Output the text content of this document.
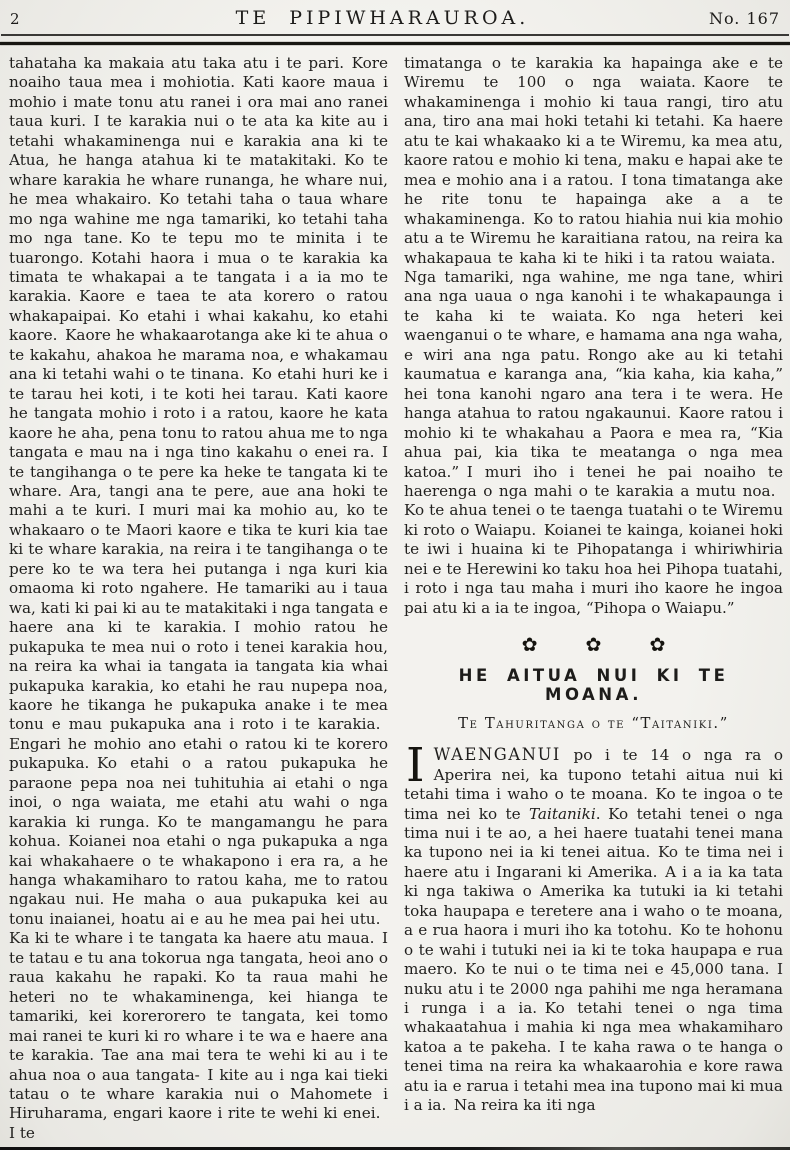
2	TE PIPIWHARAUROA.	No. 167

tahataha ka makaia atu taka atu i te pari. Kore noaiho taua mea i mohiotia. Kati kaore maua i mohio i mate tonu atu ranei i ora mai ano ranei taua kuri. I te karakia nui o te ata ka kite au i tetahi whakaminenga nui e karakia ana ki te Atua, he hanga atahua ki te matakitaki. Ko te whare karakia he whare runanga, he whare nui, he mea whakairo. Ko tetahi taha o taua whare mo nga wahine me nga tamariki, ko tetahi taha mo nga tane. Ko te tepu mo te minita i te tuarongo. Kotahi haora i mua o te karakia ka timata te whakapai a te tangata i a ia mo te karakia. Kaore e taea te ata korero o ratou whakapaipai. Ko etahi i whai kakahu, ko etahi kaore. Kaore he whakaarotanga ake ki te ahua o te kakahu, ahakoa he marama noa, e whakamau ana ki tetahi wahi o te tinana. Ko etahi huri ke i te tarau hei koti, i te koti hei tarau. Kati kaore he tangata mohio i roto i a ratou, kaore he kata kaore he aha, pena tonu to ratou ahua me to nga tangata e mau na i nga tino kakahu o enei ra. I te tangihanga o te pere ka heke te tangata ki te whare. Ara, tangi ana te pere, aue ana hoki te mahi a te kuri. I muri mai ka mohio au, ko te whakaaro o te Maori kaore e tika te kuri kia tae ki te whare karakia, na reira i te tangihanga o te pere ko te wa tera hei putanga i nga kuri kia omaoma ki roto ngahere. He tamariki au i taua wa, kati ki pai ki au te matakitaki i nga tangata e haere ana ki te karakia. I mohio ratou he pukapuka te mea nui o roto i tenei karakia hou, na reira ka whai ia tangata ia tangata kia whai pukapuka karakia, ko etahi he rau nupepa noa, kaore he tikanga he pukapuka anake i te mea tonu e mau pukapuka ana i roto i te karakia. Engari he mohio ano etahi o ratou ki te korero pukapuka. Ko etahi o a ratou pukapuka he paraone pepa noa nei tuhituhia ai etahi o nga inoi, o nga waiata, me etahi atu wahi o nga karakia ki runga. Ko te mangamangu he para kohua. Koianei noa etahi o nga pukapuka a nga kai whakahaere o te whakapono i era ra, a he hanga whakamiharo to ratou kaha, me to ratou ngakau nui. He maha o aua pukapuka kei au tonu inaianei, hoatu ai e au he mea pai hei utu. Ka ki te whare i te tangata ka haere atu maua. I te tatau e tu ana tokorua nga tangata, heoi ano o raua kakahu he rapaki. Ko ta raua mahi he heteri no te whakaminenga, kei hianga te tamariki, kei korerorero te tangata, kei tomo mai ranei te kuri ki ro whare i te wa e haere ana te karakia. Tae ana mai tera te wehi ki au i te ahua noa o aua tangata- I kite au i nga kai tieki tatau o te whare karakia nui o Mahomete i Hiruharama, engari kaore i rite te wehi ki enei. I te

timatanga o te karakia ka hapainga ake e te Wiremu te 100 o nga waiata. Kaore te whakaminenga i mohio ki taua rangi, tiro atu ana, tiro ana mai hoki tetahi ki tetahi. Ka haere atu te kai whakaako ki a te Wiremu, ka mea atu, kaore ratou e mohio ki tena, maku e hapai ake te mea e mohio ana i a ratou. I tona timatanga ake he rite tonu te hapainga ake a a te whakaminenga. Ko to ratou hiahia nui kia mohio atu a te Wiremu he karaitiana ratou, na reira ka whakapaua te kaha ki te hiki i ta ratou waiata. Nga tamariki, nga wahine, me nga tane, whiri ana nga uaua o nga kanohi i te whakapaunga i te kaha ki te waiata. Ko nga heteri kei waenganui o te whare, e hamama ana nga waha, e wiri ana nga patu. Rongo ake au ki tetahi kaumatua e karanga ana, “kia kaha, kia kaha,” hei tona kanohi ngaro ana tera i te wera. He hanga atahua to ratou ngakaunui. Kaore ratou i mohio ki te whakahau a Paora e mea ra, “Kia ahua pai, kia tika te meatanga o nga mea katoa.” I muri iho i tenei he pai noaiho te haerenga o nga mahi o te karakia a mutu noa. Ko te ahua tenei o te taenga tuatahi o te Wiremu ki roto o Waiapu. Koianei te kainga, koianei hoki te iwi i huaina ki te Pihopatanga i whiriwhiria nei e te Herewini ko taku hoa hei Pihopa tuatahi, i roto i nga tau maha i muri iho kaore he ingoa pai atu ki a ia te ingoa, “Pihopa o Waiapu.”

✿	✿	✿
HE AITUA NUI KI TE MOANA.
Te Tahuritanga o te “Taitaniki.”

IWAENGANUI po i te 14 o nga ra o Aperira nei, ka tupono tetahi aitua nui ki tetahi tima i waho o te moana. Ko te ingoa o te tima nei ko te Taitaniki. Ko tetahi tenei o nga tima nui i te ao, a hei haere tuatahi tenei mana ka tupono nei ia ki tenei aitua. Ko te tima nei i haere atu i Ingarani ki Amerika. A i a ia ka tata ki nga takiwa o Amerika ka tutuki ia ki tetahi toka haupapa e teretere ana i waho o te moana, a e rua haora i muri iho ka totohu. Ko te hohonu o te wahi i tutuki nei ia ki te toka haupapa e rua maero. Ko te nui o te tima nei e 45,000 tana. I nuku atu i te 2000 nga pahihi me nga heramana i runga i a ia. Ko tetahi tenei o nga tima whakaatahua i mahia ki nga mea whakamiharo katoa a te pakeha. I te kaha rawa o te hanga o tenei tima na reira ka whakaarohia e kore rawa atu ia e rarua i tetahi mea ina tupono mai ki mua i a ia. Na reira ka iti nga
